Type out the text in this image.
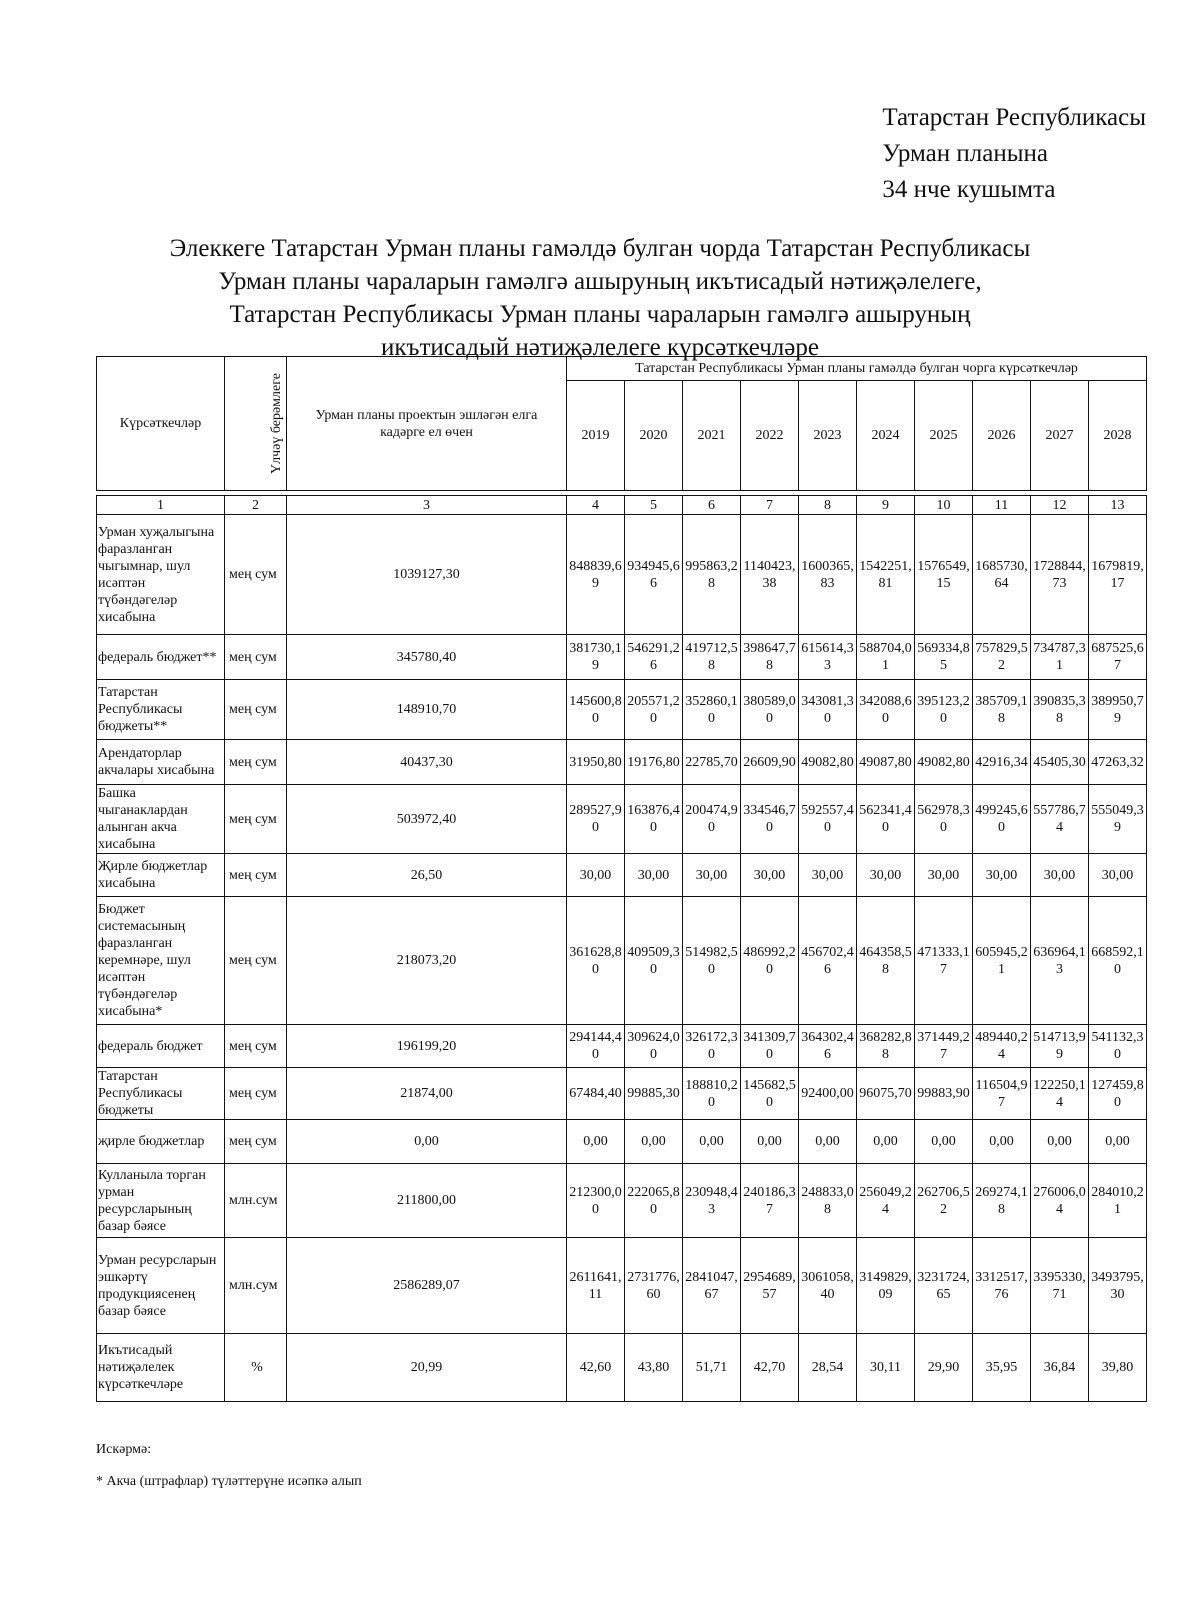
Татарстан Республикасы
Урман планына
34 нче кушымта
Элеккеге Татарстан Урман планы гамәлдә булган чорда Татарстан Республикасы
Урман планы чараларын гамәлгә ашыруның икътисадый нәтиҗәлелеге,
Татарстан Республикасы Урман планы чараларын гамәлгә ашыруның
икътисадый нәтиҗәлелеге күрсәткечләре
Күрсәткечләр	Үлчәү берәмлеге	Урман планы проектын эшләгән елга кадәрге ел өчен	Татарстан Республикасы Урман планы гамәлдә булган чорга күрсәткечләр									
			2019	2020	2021	2022	2023	2024	2025	2026	2027	2028

1	2	3	4	5	6	7	8	9	10	11	12	13
Урман хуҗалыгына фаразланган чыгымнар, шул исәптән түбәндәгеләр хисабына	мең сум	1039127,30	848839,69	934945,66	995863,28	1140423,38	1600365,83	1542251,81	1576549,15	1685730,64	1728844,73	1679819,17
федераль бюджет**	мең сум	345780,40	381730,19	546291,26	419712,58	398647,78	615614,33	588704,01	569334,85	757829,52	734787,31	687525,67
Татарстан Республикасы бюджеты**	мең сум	148910,70	145600,80	205571,20	352860,10	380589,00	343081,30	342088,60	395123,20	385709,18	390835,38	389950,79
Арендаторлар акчалары хисабына	мең сум	40437,30	31950,80	19176,80	22785,70	26609,90	49082,80	49087,80	49082,80	42916,34	45405,30	47263,32
Башка чыганаклардан алынган акча хисабына	мең сум	503972,40	289527,90	163876,40	200474,90	334546,70	592557,40	562341,40	562978,30	499245,60	557786,74	555049,39
Җирле бюджетлар хисабына	мең сум	26,50	30,00	30,00	30,00	30,00	30,00	30,00	30,00	30,00	30,00	30,00
Бюджет системасының фаразланган керемнәре, шул исәптән түбәндәгеләр хисабына*	мең сум	218073,20	361628,80	409509,30	514982,50	486992,20	456702,46	464358,58	471333,17	605945,21	636964,13	668592,10
федераль бюджет	мең сум	196199,20	294144,40	309624,00	326172,30	341309,70	364302,46	368282,88	371449,27	489440,24	514713,99	541132,30
Татарстан Республикасы бюджеты	мең сум	21874,00	67484,40	99885,30	188810,20	145682,50	92400,00	96075,70	99883,90	116504,97	122250,14	127459,80
җирле бюджетлар	мең сум	0,00	0,00	0,00	0,00	0,00	0,00	0,00	0,00	0,00	0,00	0,00
Кулланыла торган урман ресурсларының базар бәясе	млн.сум	211800,00	212300,00	222065,80	230948,43	240186,37	248833,08	256049,24	262706,52	269274,18	276006,04	284010,21
Урман ресурсларын эшкәртү продукциясенең базар бәясе	млн.сум	2586289,07	2611641,11	2731776,60	2841047,67	2954689,57	3061058,40	3149829,09	3231724,65	3312517,76	3395330,71	3493795,30
Икътисадый нәтиҗәлелек күрсәткечләре	%	20,99	42,60	43,80	51,71	42,70	28,54	30,11	29,90	35,95	36,84	39,80
Искәрмә:
* Акча (штрафлар) түләттерүне исәпкә алып
